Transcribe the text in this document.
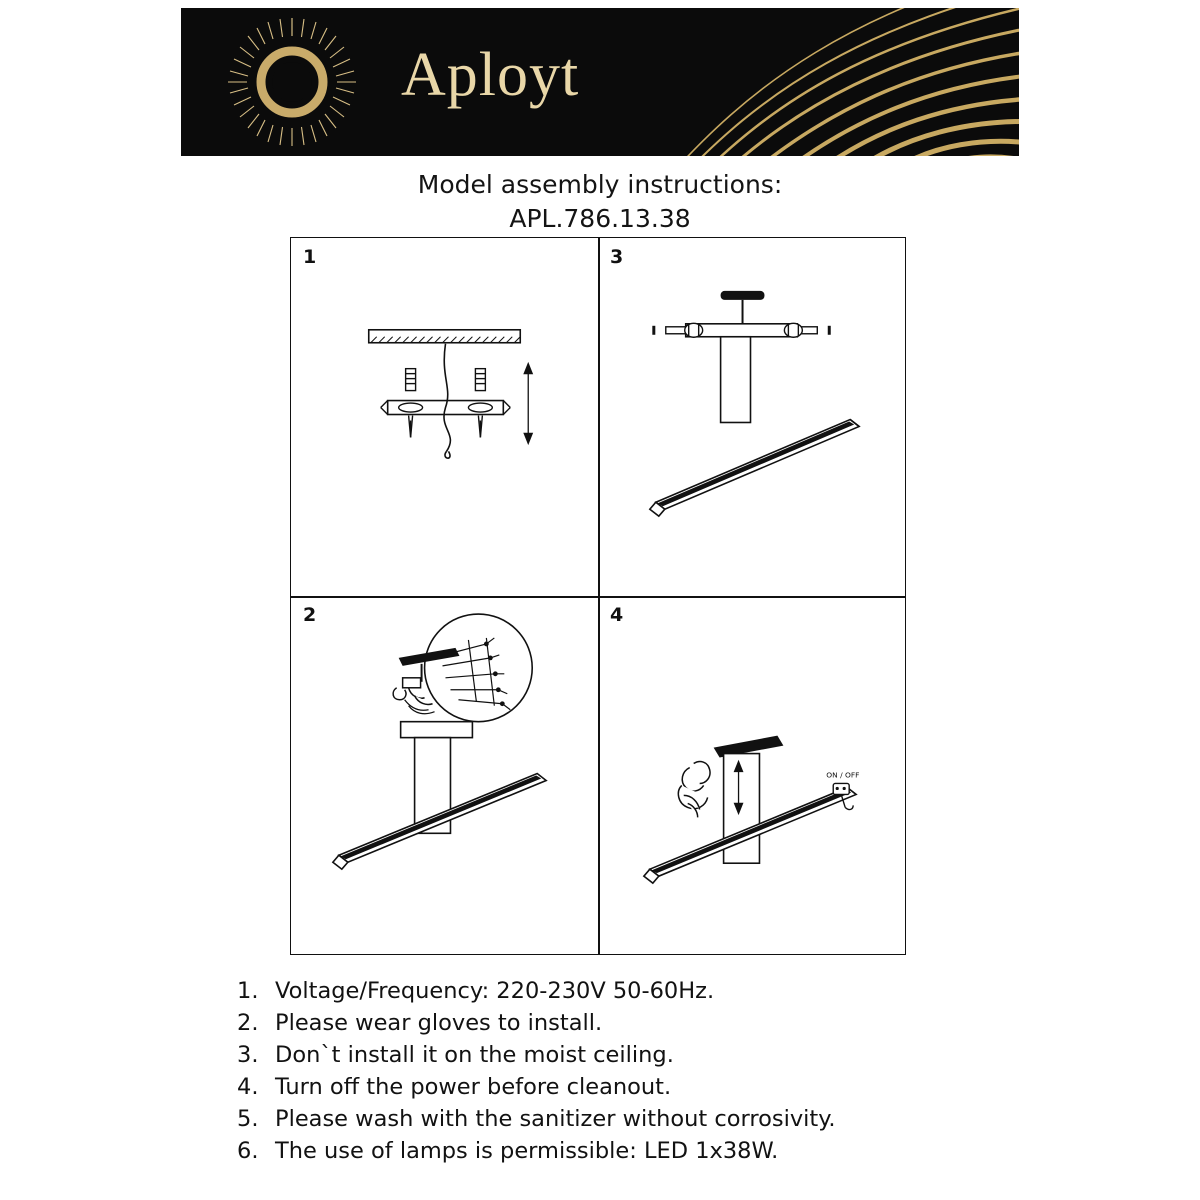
Aployt
Model assembly instructions:
APL.786.13.38
1	3
2	4
ON / OFF
1. Voltage/Frequency: 220-230V 50-60Hz.
2. Please wear gloves to install.
3. Don`t install it on the moist ceiling.
4. Turn off the power before cleanout.
5. Please wash with the sanitizer without corrosivity.
6. The use of lamps is permissible: LED 1x38W.
